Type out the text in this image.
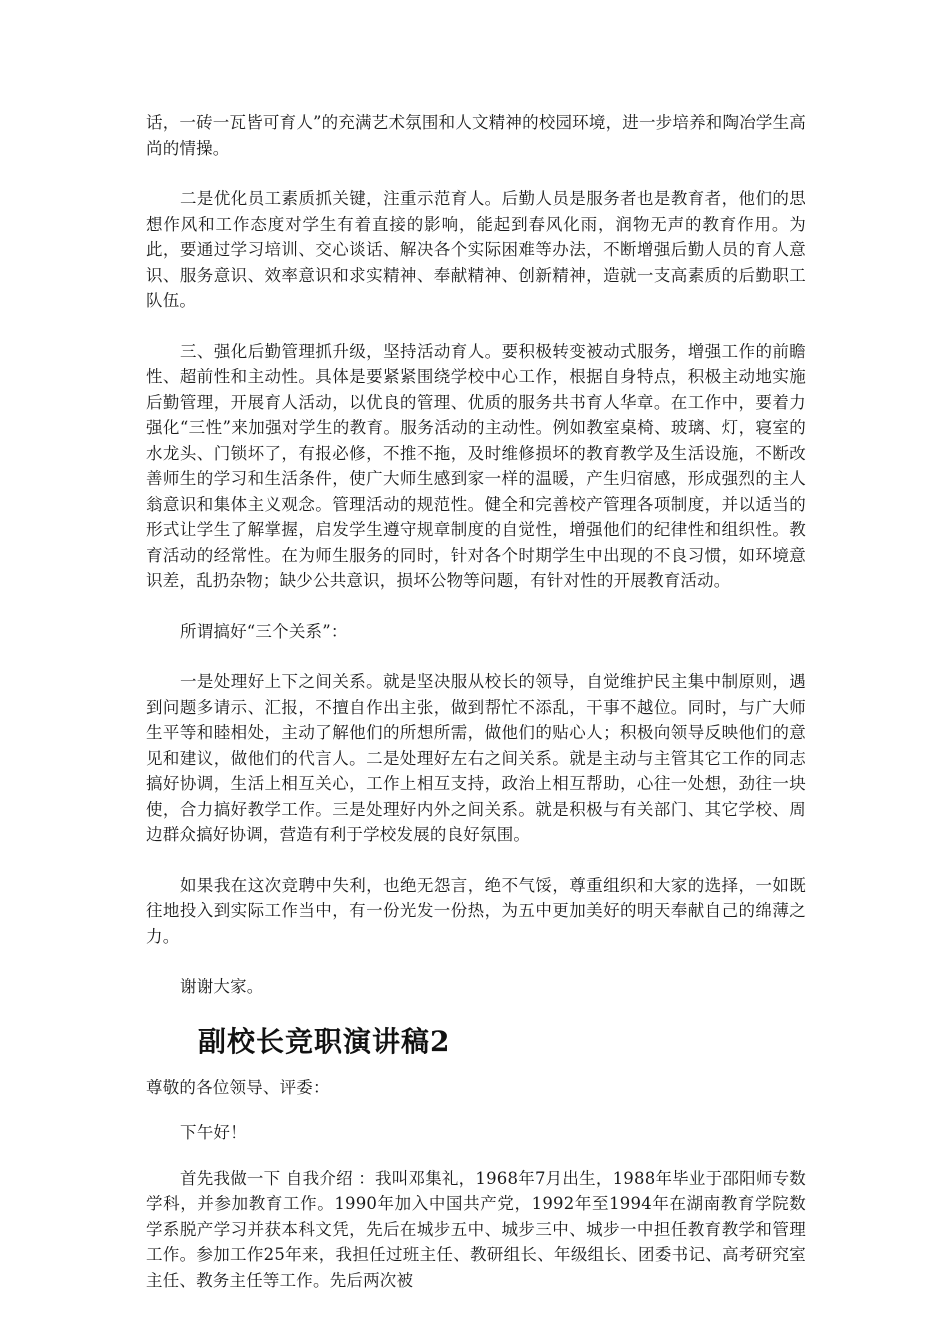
话，一砖一瓦皆可育人”的充满艺术氛围和人文精神的校园环境，进一步培养和陶冶学生高尚的情操。

二是优化员工素质抓关键，注重示范育人。后勤人员是服务者也是教育者，他们的思想作风和工作态度对学生有着直接的影响，能起到春风化雨，润物无声的教育作用。为此，要通过学习培训、交心谈话、解决各个实际困难等办法，不断增强后勤人员的育人意识、服务意识、效率意识和求实精神、奉献精神、创新精神，造就一支高素质的后勤职工队伍。

三、强化后勤管理抓升级，坚持活动育人。要积极转变被动式服务，增强工作的前瞻性、超前性和主动性。具体是要紧紧围绕学校中心工作，根据自身特点，积极主动地实施后勤管理，开展育人活动，以优良的管理、优质的服务共书育人华章。在工作中，要着力强化“三性”来加强对学生的教育。服务活动的主动性。例如教室桌椅、玻璃、灯，寝室的水龙头、门锁坏了，有报必修，不推不拖，及时维修损坏的教育教学及生活设施，不断改善师生的学习和生活条件，使广大师生感到家一样的温暖，产生归宿感，形成强烈的主人翁意识和集体主义观念。管理活动的规范性。健全和完善校产管理各项制度，并以适当的形式让学生了解掌握，启发学生遵守规章制度的自觉性，增强他们的纪律性和组织性。教育活动的经常性。在为师生服务的同时，针对各个时期学生中出现的不良习惯，如环境意识差，乱扔杂物；缺少公共意识，损坏公物等问题，有针对性的开展教育活动。

所谓搞好“三个关系”：

一是处理好上下之间关系。就是坚决服从校长的领导，自觉维护民主集中制原则，遇到问题多请示、汇报，不擅自作出主张，做到帮忙不添乱，干事不越位。同时，与广大师生平等和睦相处，主动了解他们的所想所需，做他们的贴心人；积极向领导反映他们的意见和建议，做他们的代言人。二是处理好左右之间关系。就是主动与主管其它工作的同志搞好协调，生活上相互关心，工作上相互支持，政治上相互帮助，心往一处想，劲往一块使，合力搞好教学工作。三是处理好内外之间关系。就是积极与有关部门、其它学校、周边群众搞好协调，营造有利于学校发展的良好氛围。

如果我在这次竞聘中失利，也绝无怨言，绝不气馁，尊重组织和大家的选择，一如既往地投入到实际工作当中，有一份光发一份热，为五中更加美好的明天奉献自己的绵薄之力。

谢谢大家。

副校长竞职演讲稿2

尊敬的各位领导、评委：

下午好！

首先我做一下 自我介绍 ：我叫邓集礼，1968年7月出生，1988年毕业于邵阳师专数学科，并参加教育工作。1990年加入中国共产党，1992年至1994年在湖南教育学院数学系脱产学习并获本科文凭，先后在城步五中、城步三中、城步一中担任教育教学和管理工作。参加工作25年来，我担任过班主任、教研组长、年级组长、团委书记、高考研究室主任、教务主任等工作。先后两次被
